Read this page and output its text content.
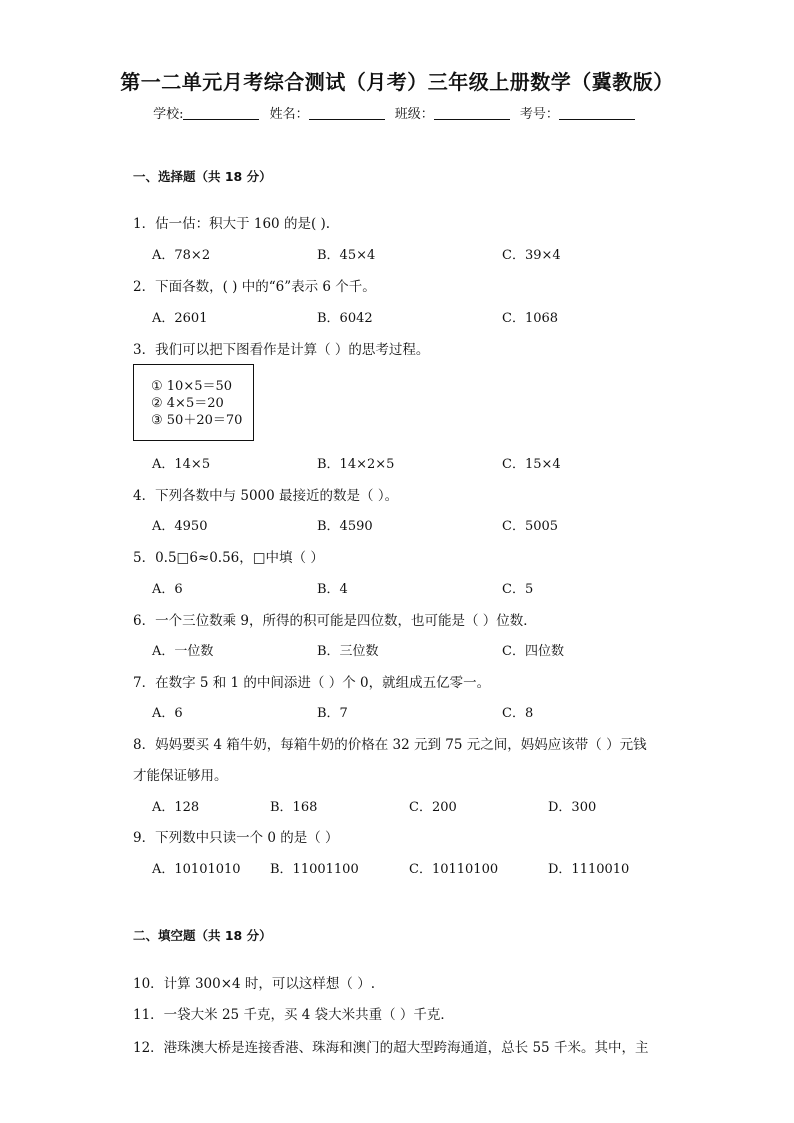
第一二单元月考综合测试（月考）三年级上册数学（冀教版）
学校:	姓名：	班级：	考号：
一、选择题（共 18 分）
1．估一估：积大于 160 的是( ).
A．78×2	B．45×4	C．39×4
2．下面各数，( ) 中的“6”表示 6 个千。
A．2601	B．6042	C．1068
3．我们可以把下图看作是计算（ ）的思考过程。
① 10×5＝50
② 4×5＝20
③ 50＋20＝70
A．14×5	B．14×2×5	C．15×4
4．下列各数中与 5000 最接近的数是（ ）。
A．4950	B．4590	C．5005
5．0.5□6≈0.56，□中填（ ）
A．6	B．4	C．5
6．一个三位数乘 9，所得的积可能是四位数，也可能是（ ）位数．
A．一位数	B．三位数	C．四位数
7．在数字 5 和 1 的中间添进（ ）个 0，就组成五亿零一。
A．6	B．7	C．8
8．妈妈要买 4 箱牛奶，每箱牛奶的价格在 32 元到 75 元之间，妈妈应该带（ ）元钱
才能保证够用。
A．128	B．168	C．200	D．300
9．下列数中只读一个 0 的是（ ）
A．10101010 B．11001100	C．10110100	D．1110010
二、填空题（共 18 分）
10．计算 300×4 时，可以这样想（ ）.
11．一袋大米 25 千克，买 4 袋大米共重（ ）千克．
12．港珠澳大桥是连接香港、珠海和澳门的超大型跨海通道，总长 55 千米。其中，主
